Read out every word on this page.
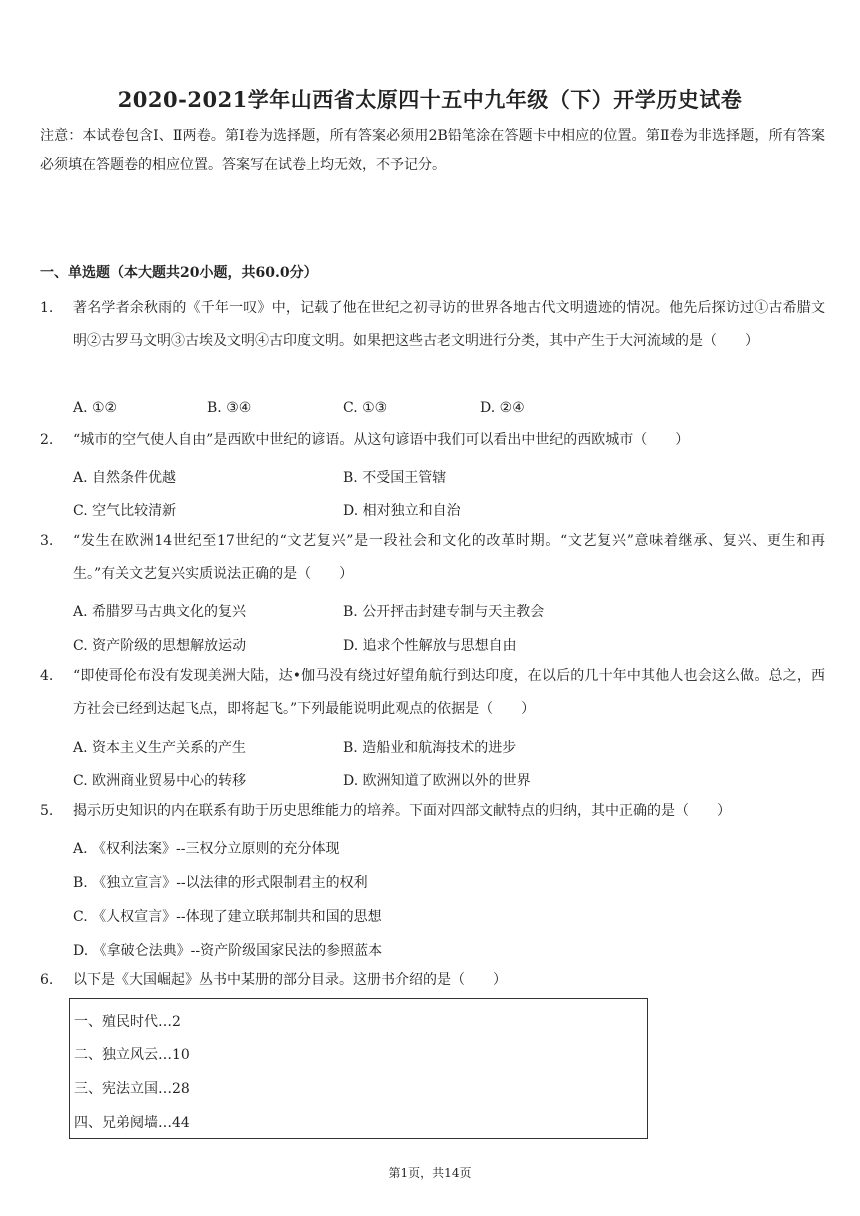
2020-2021学年山西省太原四十五中九年级（下）开学历史试卷
注意：本试卷包含Ⅰ、Ⅱ两卷。第Ⅰ卷为选择题，所有答案必须用2B铅笔涂在答题卡中相应的位置。第Ⅱ卷为非选择题，所有答案必须填在答题卷的相应位置。答案写在试卷上均无效，不予记分。
一、单选题（本大题共20小题，共60.0分）
1. 著名学者余秋雨的《千年一叹》中，记载了他在世纪之初寻访的世界各地古代文明遗迹的情况。他先后探访过①古希腊文明②古罗马文明③古埃及文明④古印度文明。如果把这些古老文明进行分类，其中产生于大河流域的是（　　）
A. ①②	B. ③④	C. ①③	D. ②④
2. “城市的空气使人自由”是西欧中世纪的谚语。从这句谚语中我们可以看出中世纪的西欧城市（　　）
A. 自然条件优越	B. 不受国王管辖
C. 空气比较清新	D. 相对独立和自治
3. “发生在欧洲14世纪至17世纪的“文艺复兴”是一段社会和文化的改革时期。“文艺复兴”意味着继承、复兴、更生和再生。”有关文艺复兴实质说法正确的是（　　）
A. 希腊罗马古典文化的复兴	B. 公开抨击封建专制与天主教会
C. 资产阶级的思想解放运动	D. 追求个性解放与思想自由
4. “即使哥伦布没有发现美洲大陆，达•伽马没有绕过好望角航行到达印度，在以后的几十年中其他人也会这么做。总之，西方社会已经到达起飞点，即将起飞。”下列最能说明此观点的依据是（　　）
A. 资本主义生产关系的产生	B. 造船业和航海技术的进步
C. 欧洲商业贸易中心的转移	D. 欧洲知道了欧洲以外的世界
5. 揭示历史知识的内在联系有助于历史思维能力的培养。下面对四部文献特点的归纳，其中正确的是（　　）
A. 《权利法案》--三权分立原则的充分体现
B. 《独立宣言》--以法律的形式限制君主的权利
C. 《人权宣言》--体现了建立联邦制共和国的思想
D. 《拿破仑法典》--资产阶级国家民法的参照蓝本
6. 以下是《大国崛起》丛书中某册的部分目录。这册书介绍的是（　　）
一、殖民时代…2
二、独立风云…10
三、宪法立国…28
四、兄弟阋墙…44
第1页，共14页
